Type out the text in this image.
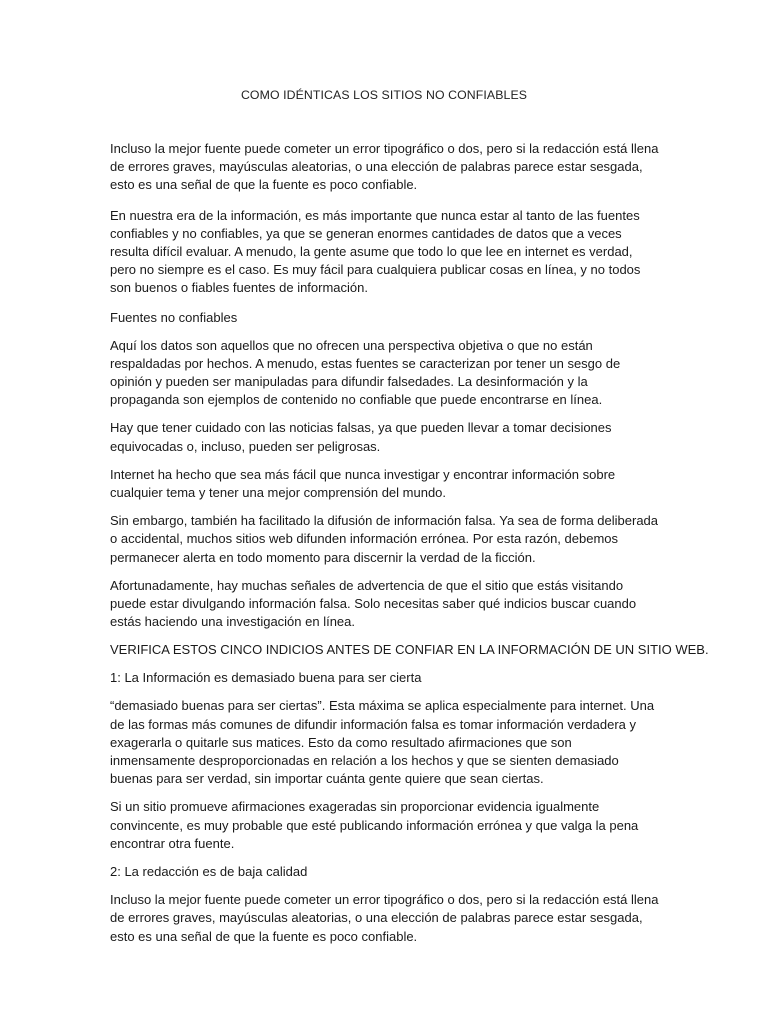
COMO IDÉNTICAS LOS SITIOS NO CONFIABLES

Incluso la mejor fuente puede cometer un error tipográfico o dos, pero si la redacción está llena de errores graves, mayúsculas aleatorias, o una elección de palabras parece estar sesgada, esto es una señal de que la fuente es poco confiable.

En nuestra era de la información, es más importante que nunca estar al tanto de las fuentes confiables y no confiables, ya que se generan enormes cantidades de datos que a veces resulta difícil evaluar. A menudo, la gente asume que todo lo que lee en internet es verdad, pero no siempre es el caso. Es muy fácil para cualquiera publicar cosas en línea, y no todos son buenos o fiables fuentes de información.

Fuentes no confiables

Aquí los datos son aquellos que no ofrecen una perspectiva objetiva o que no están respaldadas por hechos. A menudo, estas fuentes se caracterizan por tener un sesgo de opinión y pueden ser manipuladas para difundir falsedades. La desinformación y la propaganda son ejemplos de contenido no confiable que puede encontrarse en línea.

Hay que tener cuidado con las noticias falsas, ya que pueden llevar a tomar decisiones equivocadas o, incluso, pueden ser peligrosas.

Internet ha hecho que sea más fácil que nunca investigar y encontrar información sobre cualquier tema y tener una mejor comprensión del mundo.

Sin embargo, también ha facilitado la difusión de información falsa. Ya sea de forma deliberada o accidental, muchos sitios web difunden información errónea. Por esta razón, debemos permanecer alerta en todo momento para discernir la verdad de la ficción.

Afortunadamente, hay muchas señales de advertencia de que el sitio que estás visitando puede estar divulgando información falsa. Solo necesitas saber qué indicios buscar cuando estás haciendo una investigación en línea.

VERIFICA ESTOS CINCO INDICIOS ANTES DE CONFIAR EN LA INFORMACIÓN DE UN SITIO WEB.

1: La Información es demasiado buena para ser cierta

“demasiado buenas para ser ciertas”. Esta máxima se aplica especialmente para internet. Una de las formas más comunes de difundir información falsa es tomar información verdadera y exagerarla o quitarle sus matices. Esto da como resultado afirmaciones que son inmensamente desproporcionadas en relación a los hechos y que se sienten demasiado buenas para ser verdad, sin importar cuánta gente quiere que sean ciertas.

Si un sitio promueve afirmaciones exageradas sin proporcionar evidencia igualmente convincente, es muy probable que esté publicando información errónea y que valga la pena encontrar otra fuente.

2: La redacción es de baja calidad

Incluso la mejor fuente puede cometer un error tipográfico o dos, pero si la redacción está llena de errores graves, mayúsculas aleatorias, o una elección de palabras parece estar sesgada, esto es una señal de que la fuente es poco confiable.
